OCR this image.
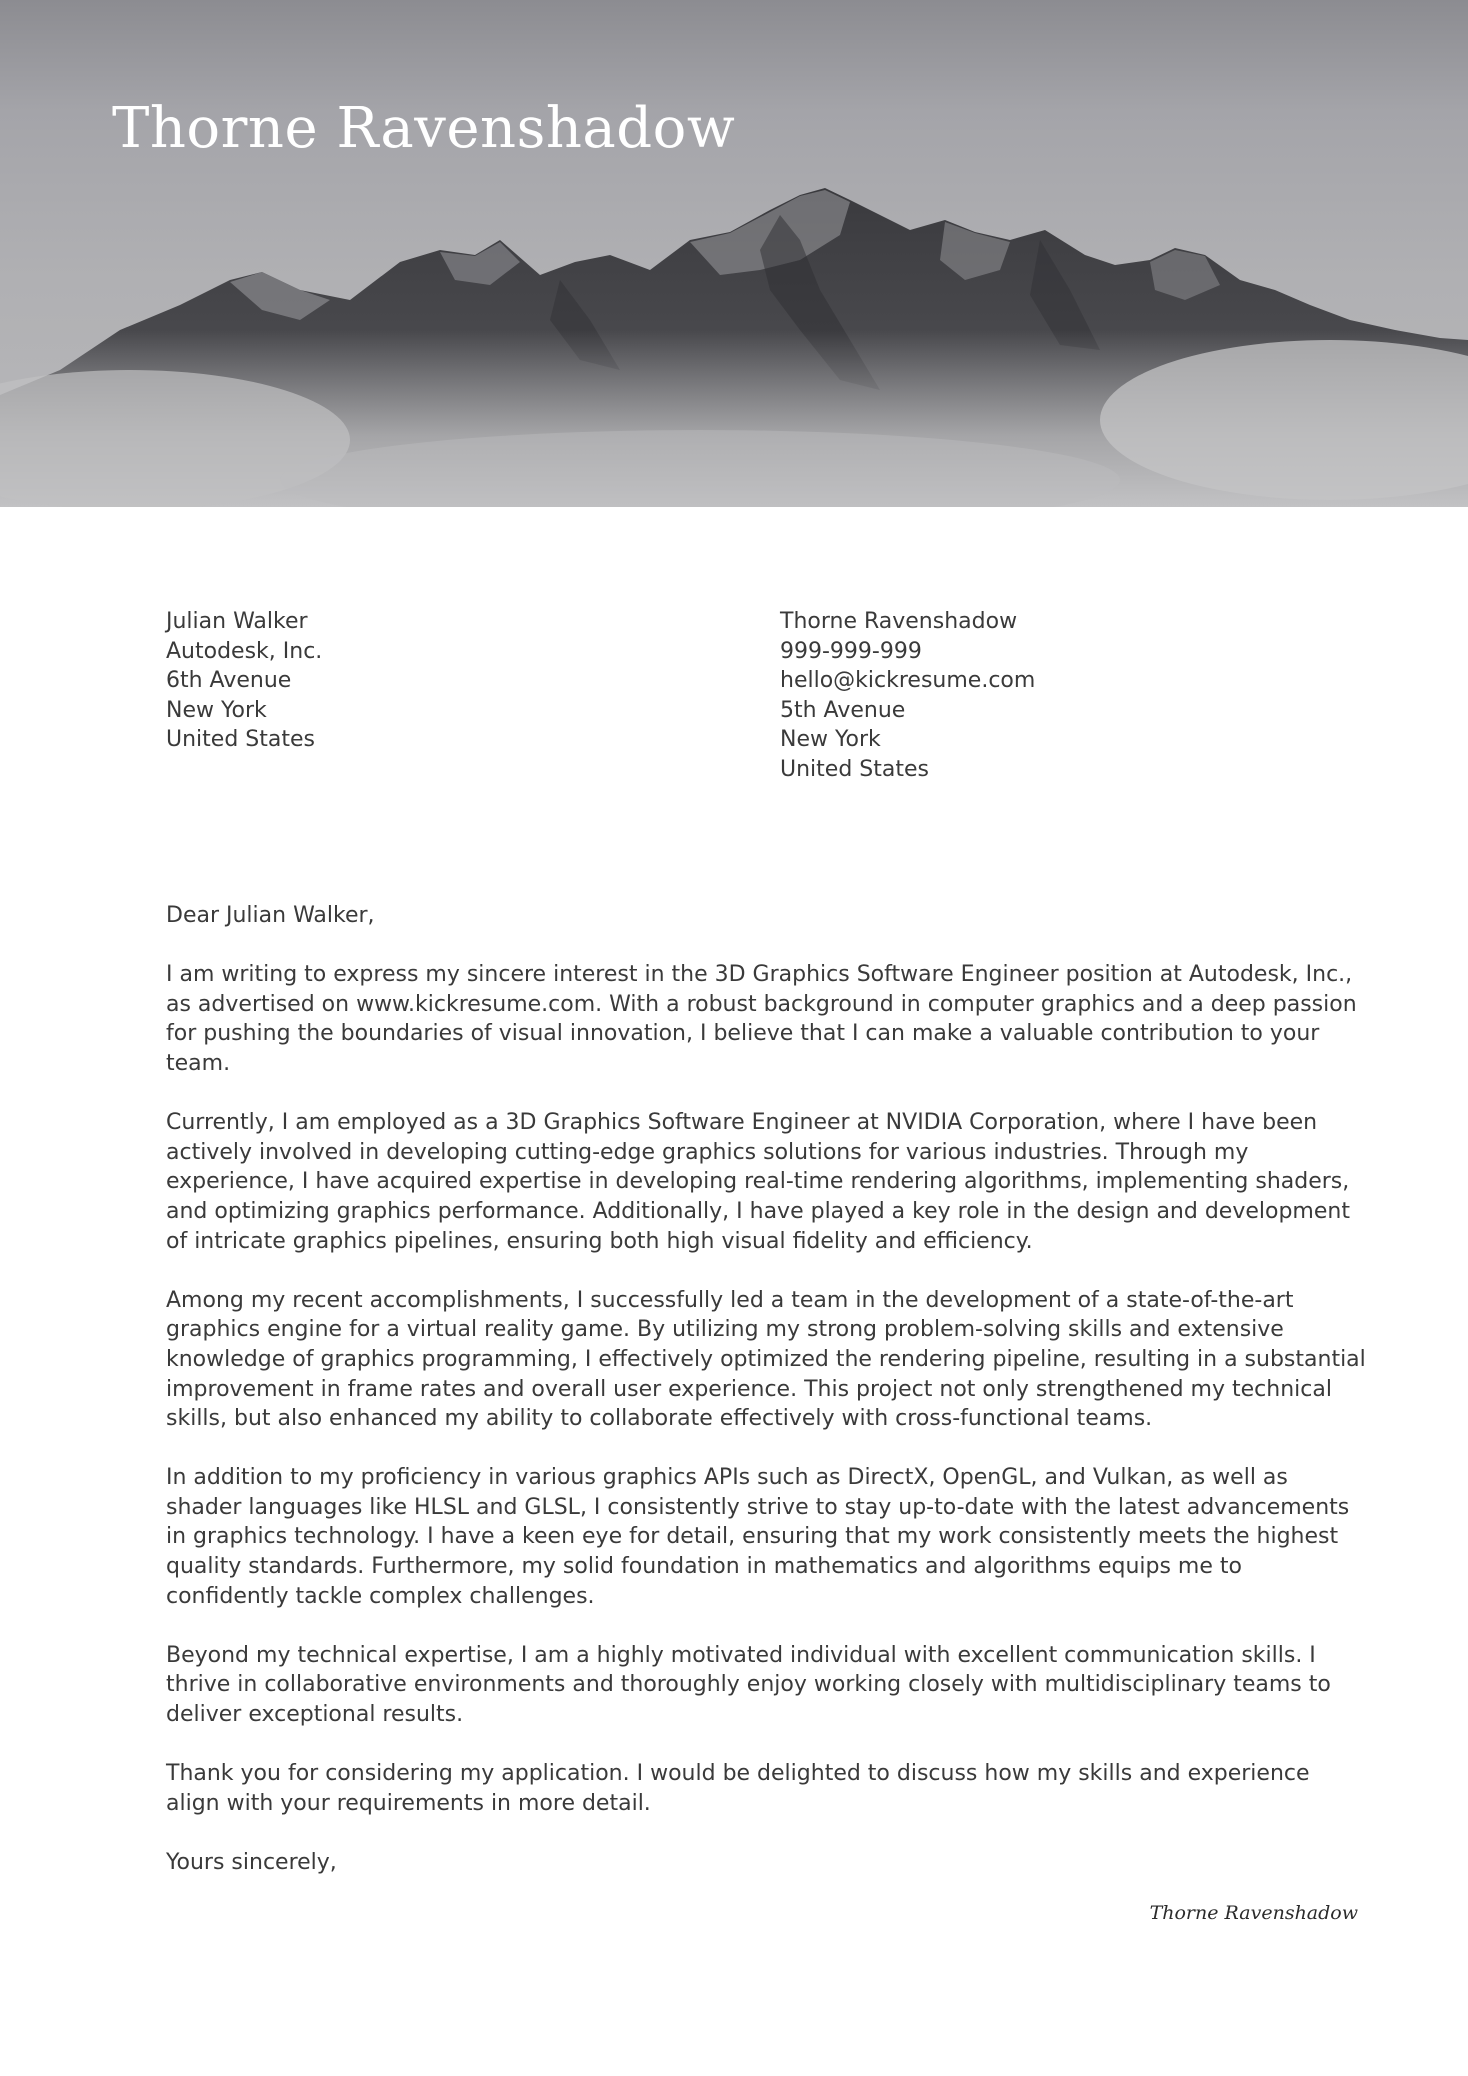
Thorne Ravenshadow
Julian Walker
Autodesk, Inc.
6th Avenue
New York
United States
Thorne Ravenshadow
999-999-999
hello@kickresume.com
5th Avenue
New York
United States

Dear Julian Walker,

I am writing to express my sincere interest in the 3D Graphics Software Engineer position at Autodesk, Inc., as advertised on www.kickresume.com. With a robust background in computer graphics and a deep passion for pushing the boundaries of visual innovation, I believe that I can make a valuable contribution to your team.

Currently, I am employed as a 3D Graphics Software Engineer at NVIDIA Corporation, where I have been actively involved in developing cutting-edge graphics solutions for various industries. Through my experience, I have acquired expertise in developing real-time rendering algorithms, implementing shaders, and optimizing graphics performance. Additionally, I have played a key role in the design and development of intricate graphics pipelines, ensuring both high visual fidelity and efficiency.

Among my recent accomplishments, I successfully led a team in the development of a state-of-the-art graphics engine for a virtual reality game. By utilizing my strong problem-solving skills and extensive knowledge of graphics programming, I effectively optimized the rendering pipeline, resulting in a substantial improvement in frame rates and overall user experience. This project not only strengthened my technical skills, but also enhanced my ability to collaborate effectively with cross-functional teams.

In addition to my proficiency in various graphics APIs such as DirectX, OpenGL, and Vulkan, as well as shader languages like HLSL and GLSL, I consistently strive to stay up-to-date with the latest advancements in graphics technology. I have a keen eye for detail, ensuring that my work consistently meets the highest quality standards. Furthermore, my solid foundation in mathematics and algorithms equips me to confidently tackle complex challenges.

Beyond my technical expertise, I am a highly motivated individual with excellent communication skills. I thrive in collaborative environments and thoroughly enjoy working closely with multidisciplinary teams to deliver exceptional results.

Thank you for considering my application. I would be delighted to discuss how my skills and experience align with your requirements in more detail.

Yours sincerely,

Thorne Ravenshadow
